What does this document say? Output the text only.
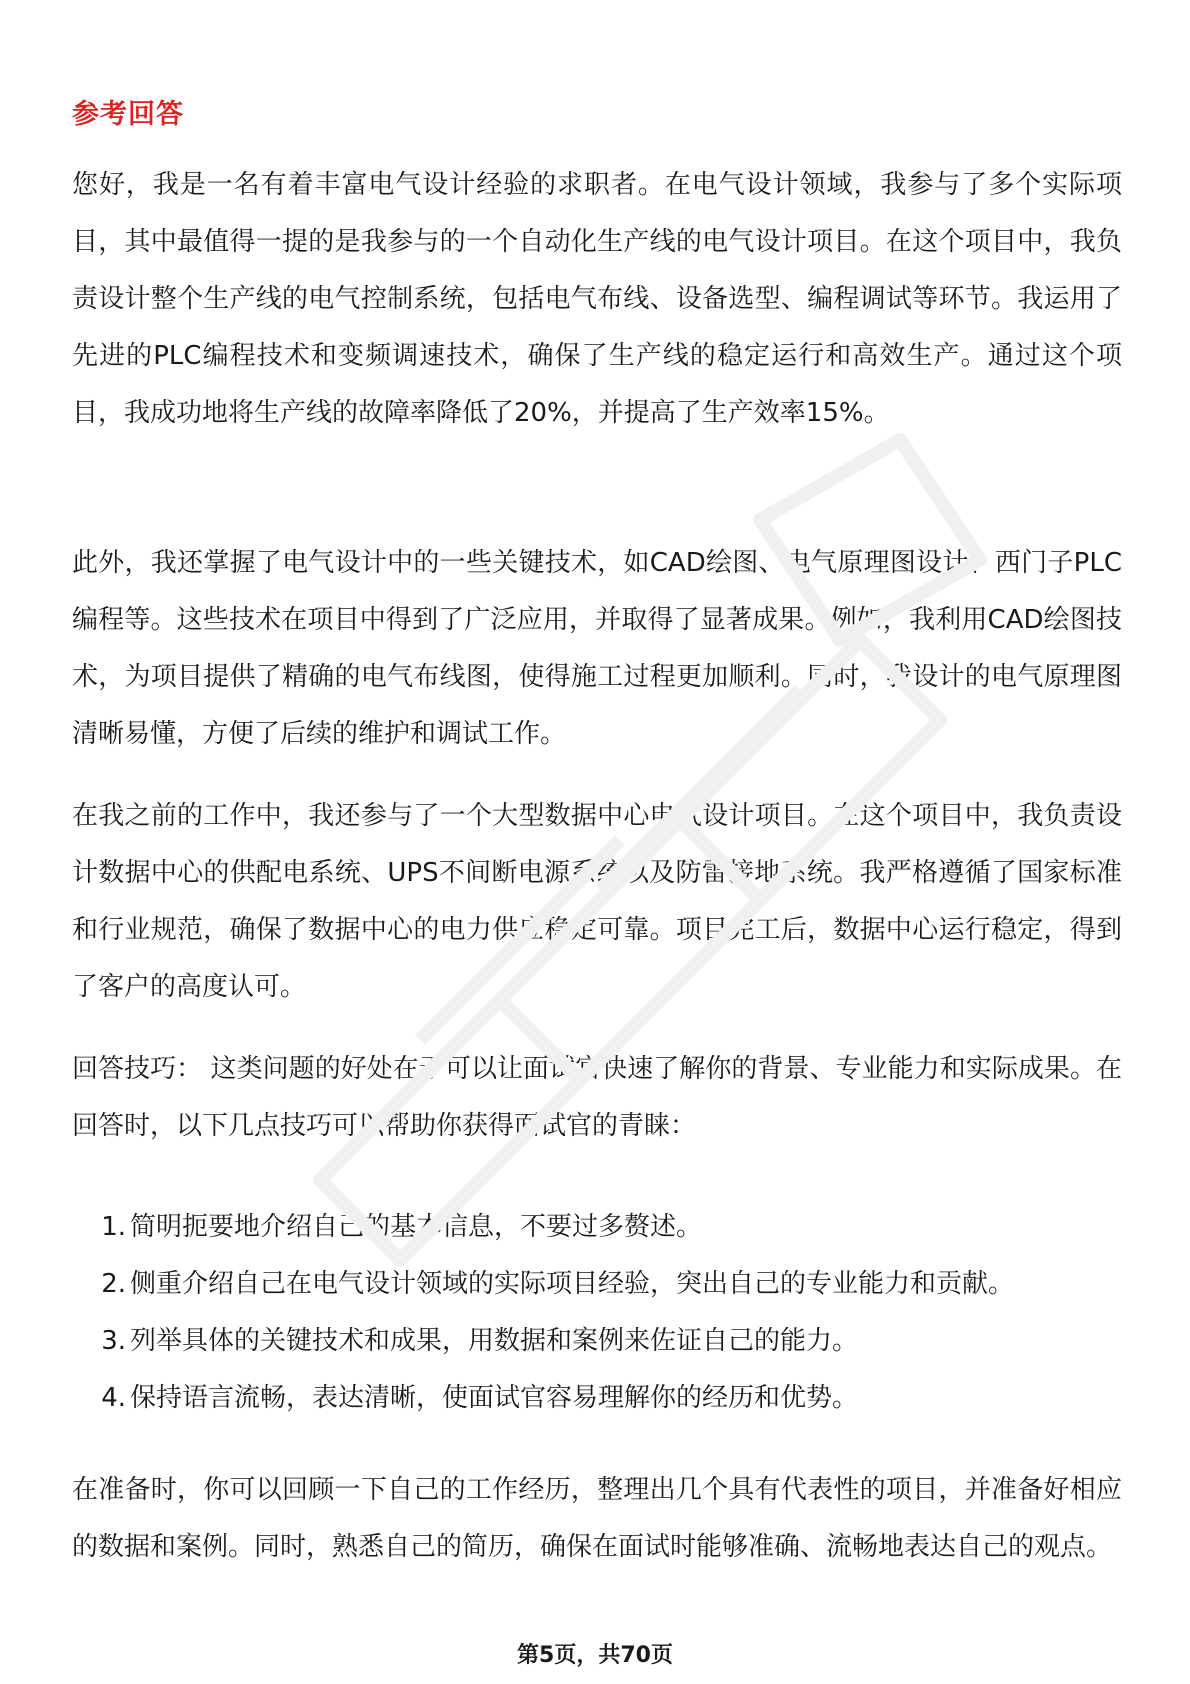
参考回答

您好，我是一名有着丰富电气设计经验的求职者。在电气设计领域，我参与了多个实际项目，其中最值得一提的是我参与的一个自动化生产线的电气设计项目。在这个项目中，我负责设计整个生产线的电气控制系统，包括电气布线、设备选型、编程调试等环节。我运用了先进的PLC编程技术和变频调速技术，确保了生产线的稳定运行和高效生产。通过这个项目，我成功地将生产线的故障率降低了20%，并提高了生产效率15%。

此外，我还掌握了电气设计中的一些关键技术，如CAD绘图、电气原理图设计、西门子PLC编程等。这些技术在项目中得到了广泛应用，并取得了显著成果。例如，我利用CAD绘图技术，为项目提供了精确的电气布线图，使得施工过程更加顺利。同时，我设计的电气原理图清晰易懂，方便了后续的维护和调试工作。

在我之前的工作中，我还参与了一个大型数据中心电气设计项目。在这个项目中，我负责设计数据中心的供配电系统、UPS不间断电源系统以及防雷接地系统。我严格遵循了国家标准和行业规范，确保了数据中心的电力供应稳定可靠。项目完工后，数据中心运行稳定，得到了客户的高度认可。

回答技巧： 这类问题的好处在于可以让面试官快速了解你的背景、专业能力和实际成果。在回答时，以下几点技巧可以帮助你获得面试官的青睐：

1. 简明扼要地介绍自己的基本信息，不要过多赘述。
2. 侧重介绍自己在电气设计领域的实际项目经验，突出自己的专业能力和贡献。
3. 列举具体的关键技术和成果，用数据和案例来佐证自己的能力。
4. 保持语言流畅，表达清晰，使面试官容易理解你的经历和优势。

在准备时，你可以回顾一下自己的工作经历，整理出几个具有代表性的项目，并准备好相应的数据和案例。同时，熟悉自己的简历，确保在面试时能够准确、流畅地表达自己的观点。

第5页，共70页
